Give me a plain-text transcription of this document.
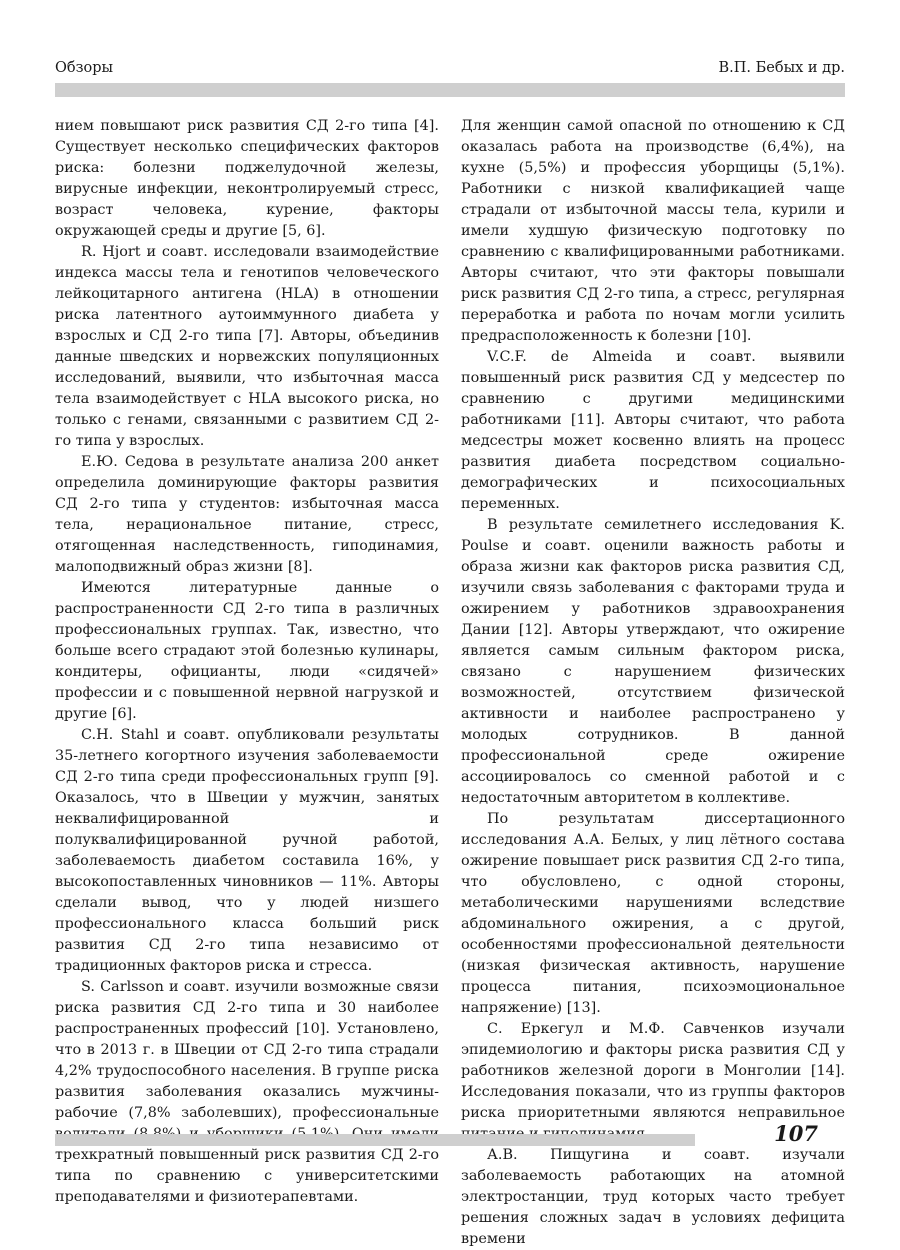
Обзоры	В.П. Бебых и др.

нием повышают риск развития СД 2-го типа [4]. Существует несколько специфических факторов риска: болезни поджелудочной железы, вирусные инфекции, неконтролируемый стресс, возраст человека, курение, факторы окружающей среды и другие [5, 6].

R. Hjort и соавт. исследовали взаимодействие индекса массы тела и генотипов человеческого лейкоцитарного антигена (HLA) в отношении риска латентного аутоиммунного диабета у взрослых и СД 2-го типа [7]. Авторы, объединив данные шведских и норвежских популяционных исследований, выявили, что избыточная масса тела взаимодействует с HLA высокого риска, но только с генами, связанными с развитием СД 2-го типа у взрослых.

Е.Ю. Седова в результате анализа 200 анкет определила доминирующие факторы развития СД 2-го типа у студентов: избыточная масса тела, нерациональное питание, стресс, отягощенная наследственность, гиподинамия, малоподвижный образ жизни [8].

Имеются литературные данные о распространенности СД 2-го типа в различных профессиональных группах. Так, известно, что больше всего страдают этой болезнью кулинары, кондитеры, официанты, люди «сидячей» профессии и с повышенной нервной нагрузкой и другие [6].

C.H. Stahl и соавт. опубликовали результаты 35-летнего когортного изучения заболеваемости СД 2-го типа среди профессиональных групп [9]. Оказалось, что в Швеции у мужчин, занятых неквалифицированной и полуквалифицированной ручной работой, заболеваемость диабетом составила 16%, у высокопоставленных чиновников — 11%. Авторы сделали вывод, что у людей низшего профессионального класса больший риск развития СД 2-го типа независимо от традиционных факторов риска и стресса.

S. Carlsson и соавт. изучили возможные связи риска развития СД 2-го типа и 30 наиболее распространенных профессий [10]. Установлено, что в 2013 г. в Швеции от СД 2-го типа страдали 4,2% трудоспособного населения. В группе риска развития заболевания оказались мужчины-рабочие (7,8% заболевших), профессиональные трехкратный повышенный риск развития СД 2-го типа по сравнению с университетскими преподавателями и физиотерапевтами.

Для женщин самой опасной по отношению к СД оказалась работа на производстве (6,4%), на кухне (5,5%) и профессия уборщицы (5,1%). Работники с низкой квалификацией чаще страдали от избыточной массы тела, курили и имели худшую физическую подготовку по сравнению с квалифицированными работниками. Авторы считают, что эти факторы повышали риск развития СД 2-го типа, а стресс, регулярная переработка и работа по ночам могли усилить предрасположенность к болезни [10].

V.C.F. de Almeida и соавт. выявили повышенный риск развития СД у медсестер по сравнению с другими медицинскими работниками [11]. Авторы считают, что работа медсестры может косвенно влиять на процесс развития диабета посредством социально-демографических и психосоциальных переменных.

В результате семилетнего исследования K. Poulse и соавт. оценили важность работы и образа жизни как факторов риска развития СД, изучили связь заболевания с факторами труда и ожирением у работников здравоохранения Дании [12]. Авторы утверждают, что ожирение является самым сильным фактором риска, связано с нарушением физических возможностей, отсутствием физической активности и наиболее распространено у молодых сотрудников. В данной профессиональной среде ожирение ассоциировалось со сменной работой и с недостаточным авторитетом в коллективе.

По результатам диссертационного исследования А.А. Белых, у лиц лётного состава ожирение повышает риск развития СД 2-го типа, что обусловлено, с одной стороны, метаболическими нарушениями вследствие абдоминального ожирения, а с другой, особенностями профессиональной деятельности (низкая физическая активность, нарушение процесса питания, психоэмоциональное напряжение) [13].

С. Еркегул и М.Ф. Савченков изучали эпидемиологию и факторы риска развития СД у работников железной дороги в Монголии [14]. Исследования показали, что из группы факторов риска приоритетными являются неправильное

А.В. Пищугина и соавт. изучали заболеваемость работающих на атомной электростанции, труд которых часто требует решения сложных задач в условиях дефицита времени

107
